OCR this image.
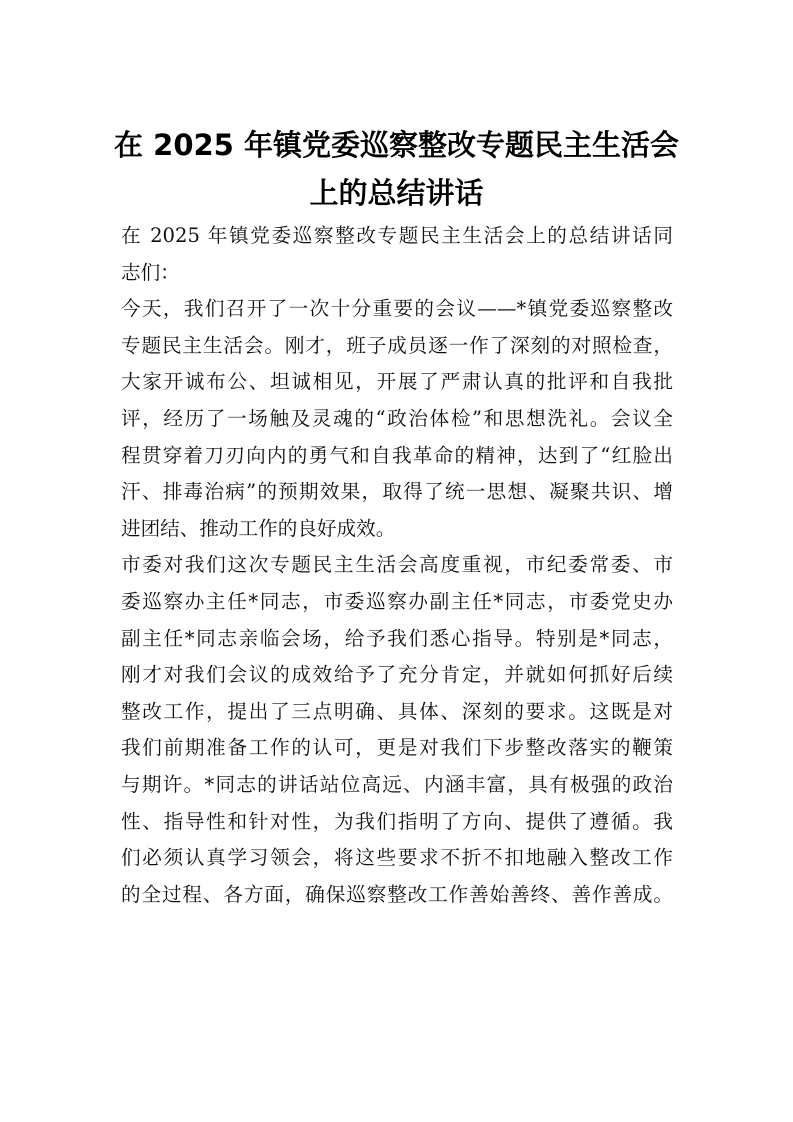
在 2025 年镇党委巡察整改专题民主生活会
上的总结讲话
在 2025 年镇党委巡察整改专题民主生活会上的总结讲话同
志们：
今天，我们召开了一次十分重要的会议——*镇党委巡察整改
专题民主生活会。刚才，班子成员逐一作了深刻的对照检查，
大家开诚布公、坦诚相见，开展了严肃认真的批评和自我批
评，经历了一场触及灵魂的“政治体检”和思想洗礼。会议全
程贯穿着刀刃向内的勇气和自我革命的精神，达到了“红脸出
汗、排毒治病”的预期效果，取得了统一思想、凝聚共识、增
进团结、推动工作的良好成效。
市委对我们这次专题民主生活会高度重视，市纪委常委、市
委巡察办主任*同志，市委巡察办副主任*同志，市委党史办
副主任*同志亲临会场，给予我们悉心指导。特别是*同志，
刚才对我们会议的成效给予了充分肯定，并就如何抓好后续
整改工作，提出了三点明确、具体、深刻的要求。这既是对
我们前期准备工作的认可，更是对我们下步整改落实的鞭策
与期许。*同志的讲话站位高远、内涵丰富，具有极强的政治
性、指导性和针对性，为我们指明了方向、提供了遵循。我
们必须认真学习领会，将这些要求不折不扣地融入整改工作
的全过程、各方面，确保巡察整改工作善始善终、善作善成。
